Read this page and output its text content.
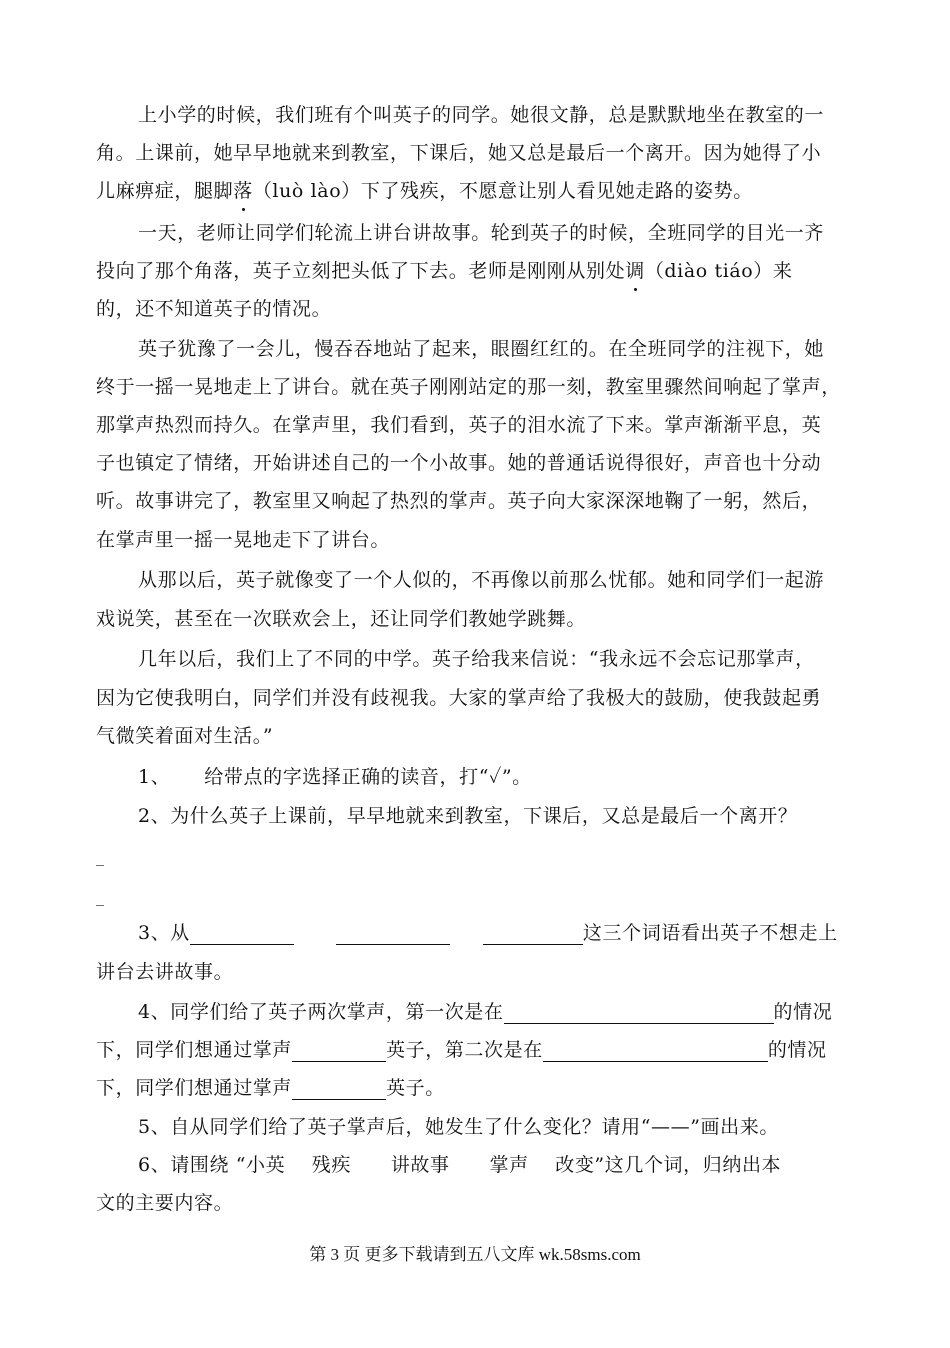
上小学的时候，我们班有个叫英子的同学。她很文静，总是默默地坐在教室的一
角。上课前，她早早地就来到教室，下课后，她又总是最后一个离开。因为她得了小
儿麻痹症，腿脚落（luò lào）下了残疾，不愿意让别人看见她走路的姿势。
一天，老师让同学们轮流上讲台讲故事。轮到英子的时候，全班同学的目光一齐
投向了那个角落，英子立刻把头低了下去。老师是刚刚从别处调（diào tiáo）来
的，还不知道英子的情况。
英子犹豫了一会儿，慢吞吞地站了起来，眼圈红红的。在全班同学的注视下，她
终于一摇一晃地走上了讲台。就在英子刚刚站定的那一刻，教室里骤然间响起了掌声，
那掌声热烈而持久。在掌声里，我们看到，英子的泪水流了下来。掌声渐渐平息，英
子也镇定了情绪，开始讲述自己的一个小故事。她的普通话说得很好，声音也十分动
听。故事讲完了，教室里又响起了热烈的掌声。英子向大家深深地鞠了一躬，然后，
在掌声里一摇一晃地走下了讲台。
从那以后，英子就像变了一个人似的，不再像以前那么忧郁。她和同学们一起游
戏说笑，甚至在一次联欢会上，还让同学们教她学跳舞。
几年以后，我们上了不同的中学。英子给我来信说：“我永远不会忘记那掌声，
因为它使我明白，同学们并没有歧视我。大家的掌声给了我极大的鼓励，使我鼓起勇
气微笑着面对生活。”
1、 给带点的字选择正确的读音，打“✓”。
2、为什么英子上课前，早早地就来到教室，下课后，又总是最后一个离开？
_
_
3、从	这三个词语看出英子不想走上
讲台去讲故事。
4、同学们给了英子两次掌声，第一次是在	的情况
下，同学们想通过掌声	英子，第二次是在	的情况
下，同学们想通过掌声	英子。
5、自从同学们给了英子掌声后，她发生了什么变化？请用“——”画出来。
6、请围绕 “小英    残疾      讲故事      掌声    改变”这几个词，归纳出本
文的主要内容。
第 3 页 更多下载请到五八文库 wk.58sms.com
